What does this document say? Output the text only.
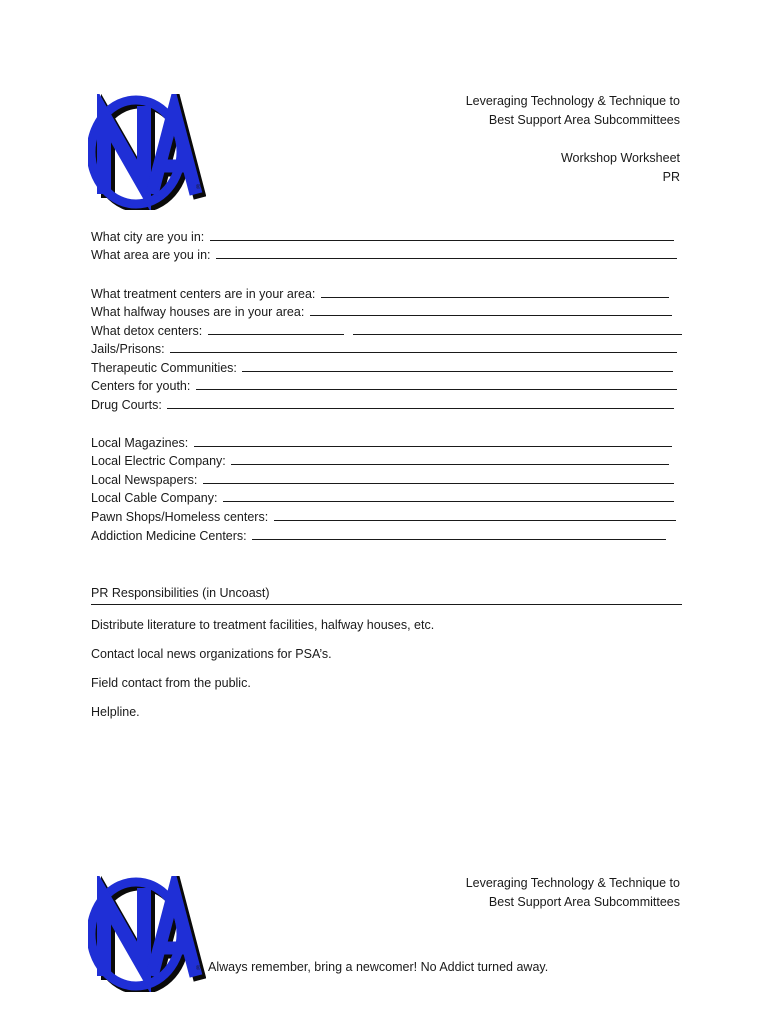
®
Leveraging Technology & Technique to
Best Support Area Subcommittees
Workshop Worksheet
PR
What city are you in:
What area are you in:
What treatment centers are in your area:
What halfway houses are in your area:
What detox centers:
Jails/Prisons:
Therapeutic Communities:
Centers for youth:
Drug Courts:
Local Magazines:
Local Electric Company:
Local Newspapers:
Local Cable Company:
Pawn Shops/Homeless centers:
Addiction Medicine Centers:
PR Responsibilities (in Uncoast)
Distribute literature to treatment facilities, halfway houses, etc.
Contact local news organizations for PSA’s.
Field contact from the public.
Helpline.
®
Leveraging Technology & Technique to
Best Support Area Subcommittees
Always remember, bring a newcomer! No Addict turned away.
